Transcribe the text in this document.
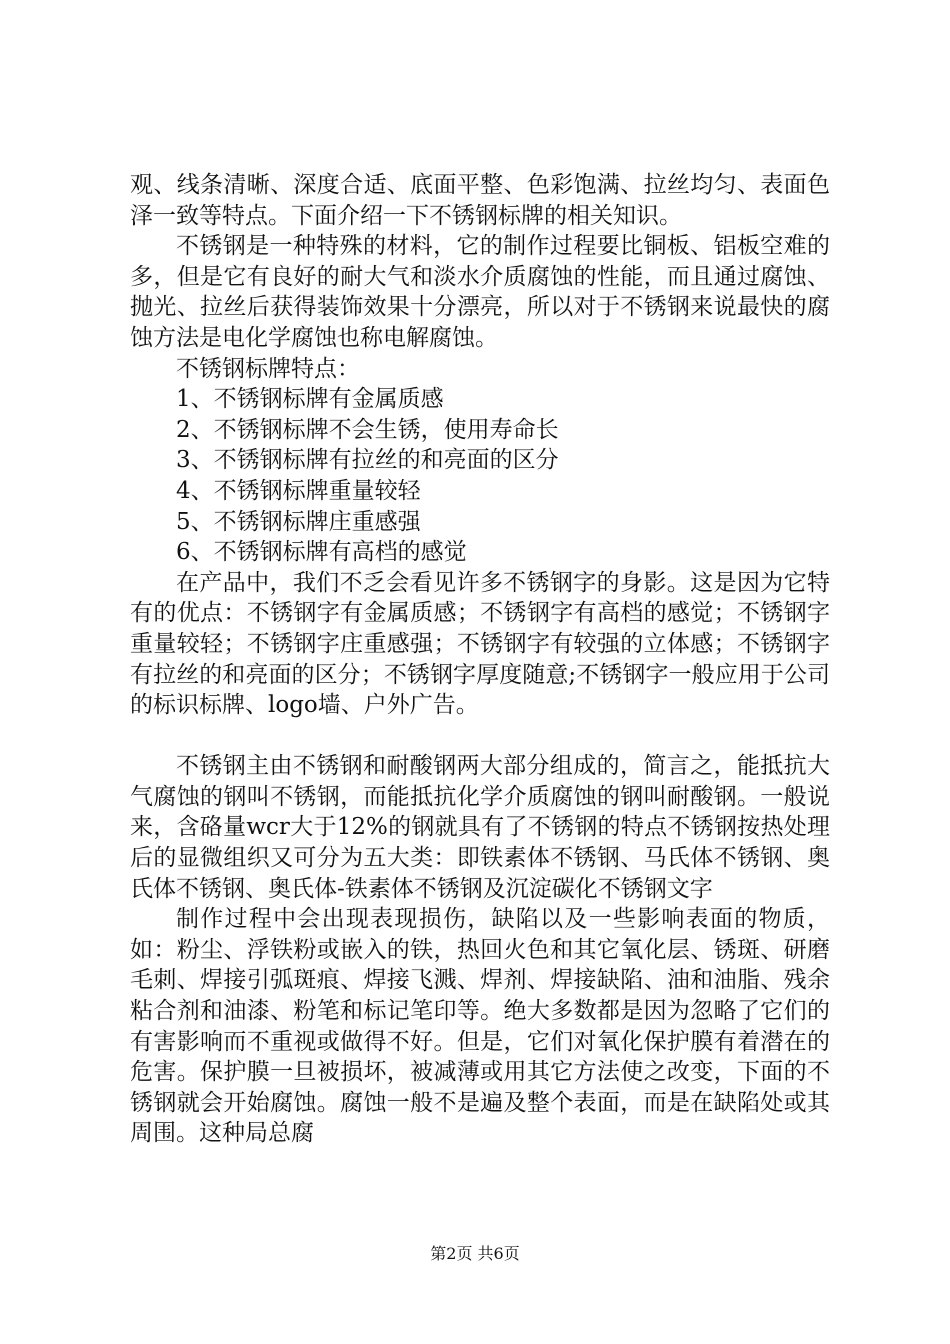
观、线条清晰、深度合适、底面平整、色彩饱满、拉丝均匀、表面色泽一致等特点。下面介绍一下不锈钢标牌的相关知识。

不锈钢是一种特殊的材料，它的制作过程要比铜板、铝板空难的多，但是它有良好的耐大气和淡水介质腐蚀的性能，而且通过腐蚀、抛光、拉丝后获得装饰效果十分漂亮，所以对于不锈钢来说最快的腐蚀方法是电化学腐蚀也称电解腐蚀。

不锈钢标牌特点：

1、不锈钢标牌有金属质感

2、不锈钢标牌不会生锈，使用寿命长

3、不锈钢标牌有拉丝的和亮面的区分

4、不锈钢标牌重量较轻

5、不锈钢标牌庄重感强

6、不锈钢标牌有高档的感觉

在产品中，我们不乏会看见许多不锈钢字的身影。这是因为它特有的优点：不锈钢字有金属质感；不锈钢字有高档的感觉；不锈钢字重量较轻；不锈钢字庄重感强；不锈钢字有较强的立体感；不锈钢字有拉丝的和亮面的区分；不锈钢字厚度随意;不锈钢字一般应用于公司的标识标牌、logo墙、户外广告。

不锈钢主由不锈钢和耐酸钢两大部分组成的，简言之，能抵抗大气腐蚀的钢叫不锈钢，而能抵抗化学介质腐蚀的钢叫耐酸钢。一般说来，含硌量wcr大于12%的钢就具有了不锈钢的特点不锈钢按热处理后的显微组织又可分为五大类：即铁素体不锈钢、马氏体不锈钢、奥氏体不锈钢、奥氏体-铁素体不锈钢及沉淀碳化不锈钢文字

制作过程中会出现表现损伤，缺陷以及一些影响表面的物质，如：粉尘、浮铁粉或嵌入的铁，热回火色和其它氧化层、锈斑、研磨毛刺、焊接引弧斑痕、焊接飞溅、焊剂、焊接缺陷、油和油脂、残余粘合剂和油漆、粉笔和标记笔印等。绝大多数都是因为忽略了它们的有害影响而不重视或做得不好。但是，它们对氧化保护膜有着潜在的危害。保护膜一旦被损坏，被减薄或用其它方法使之改变，下面的不锈钢就会开始腐蚀。腐蚀一般不是遍及整个表面，而是在缺陷处或其周围。这种局总腐

第2页 共6页
